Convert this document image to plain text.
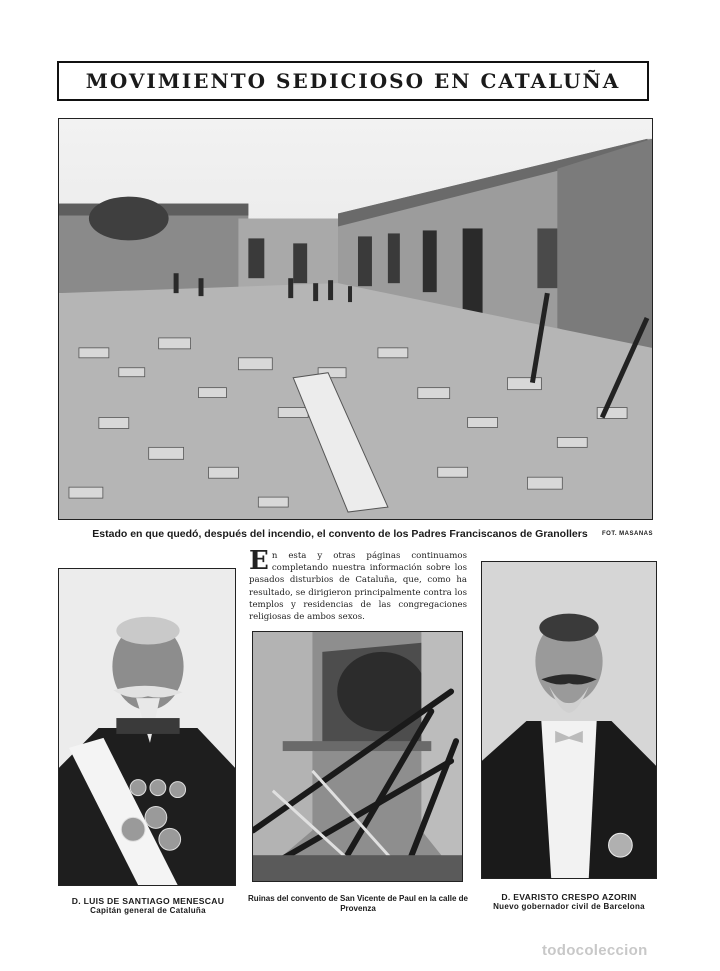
MOVIMIENTO SEDICIOSO EN CATALUÑA
Estado en que quedó, después del incendio, el convento de los Padres Franciscanos de Granollers	FOT. MASANAS
En esta y otras páginas continuamos completando nuestra información sobre los pasados disturbios de Cataluña, que, como ha resultado, se dirigieron principalmente contra los templos y residencias de las congregaciones religiosas de ambos sexos.
D. LUIS DE SANTIAGO MENESCAU
Capitán general de Cataluña
Ruinas del convento de San Vicente de Paul en la calle de Provenza
D. EVARISTO CRESPO AZORIN
Nuevo gobernador civil de Barcelona
todocoleccion
